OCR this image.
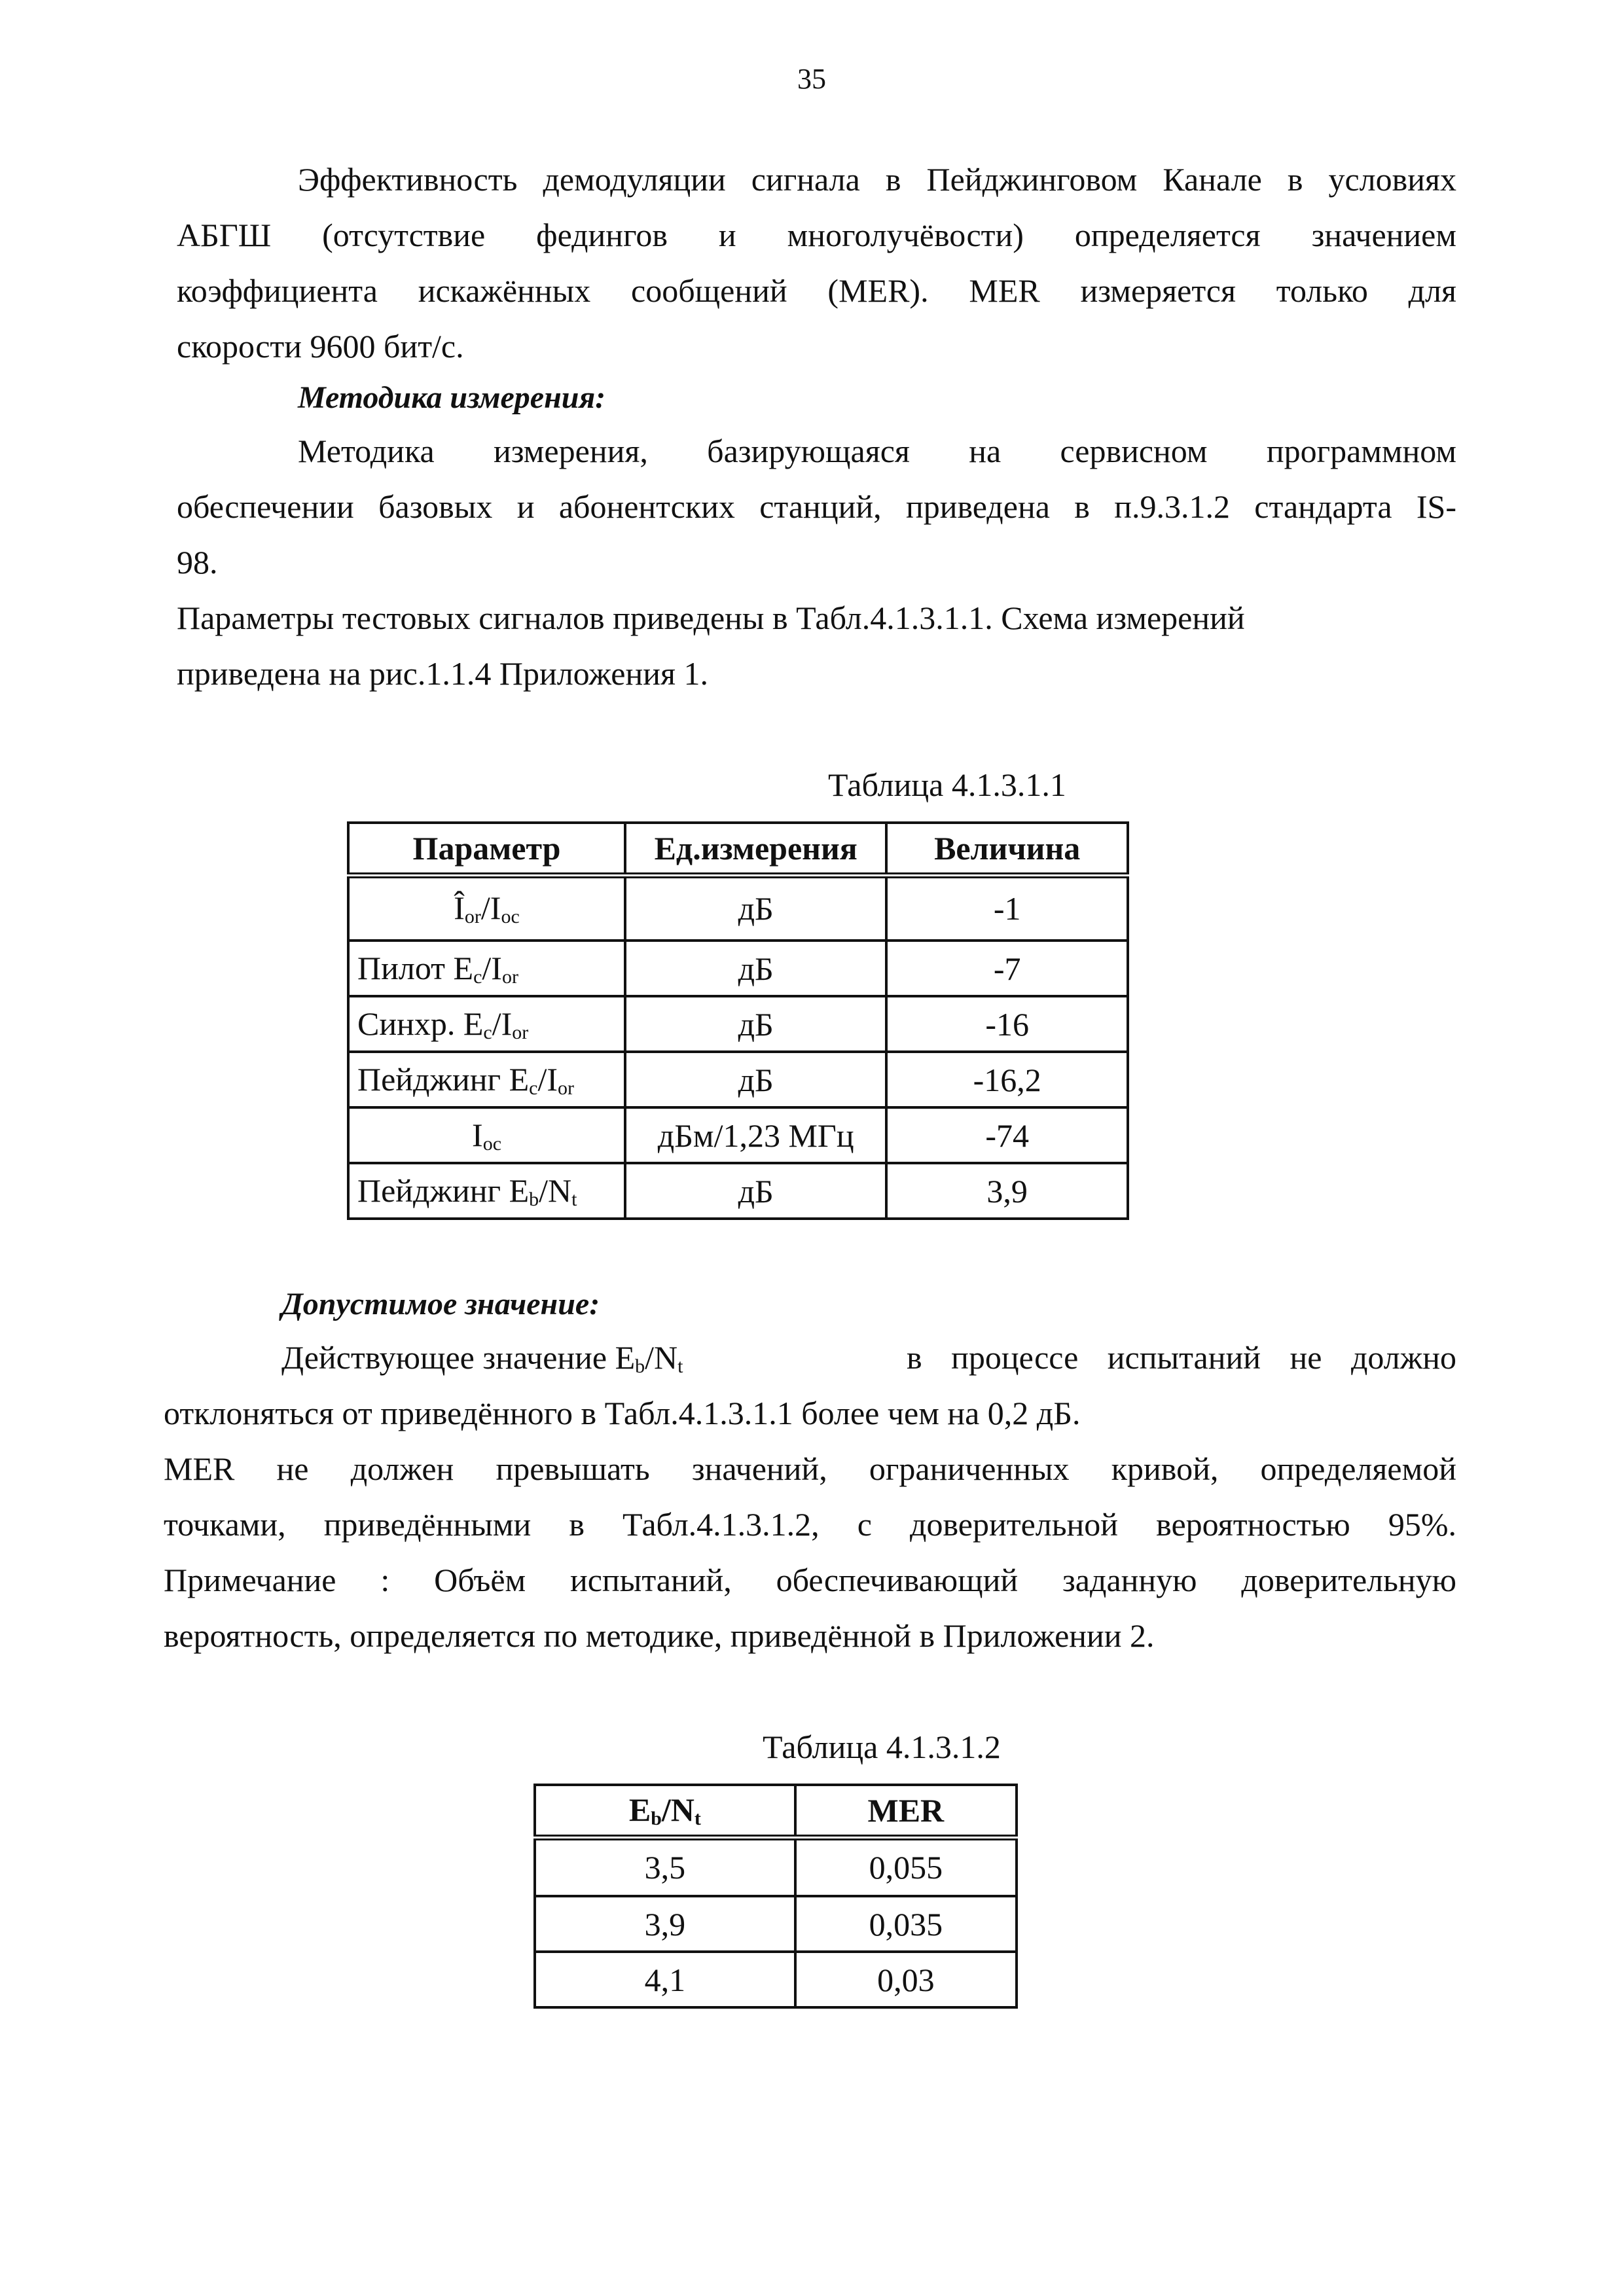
35
Эффективность демодуляции сигнала в Пейджинговом Канале в условиях
АБГШ (отсутствие федингов и многолучёвости) определяется значением
коэффициента искажённых сообщений (MER). MER измеряется только для
скорости 9600 бит/с.
Методика измерения:
Методика измерения, базирующаяся на сервисном программном
обеспечении базовых и абонентских станций, приведена в п.9.3.1.2 стандарта IS-
98.
Параметры тестовых сигналов приведены в Табл.4.1.3.1.1. Схема измерений
приведена на рис.1.1.4 Приложения 1.
Таблица 4.1.3.1.1
Параметр	Ед.измерения	Величина
$Î_{or}/I_{oc}$	дБ	-1
Пилот $E_c/I_{or}$	дБ	-7
Синхр. $E_c/I_{or}$	дБ	-16
Пейджинг $E_c/I_{or}$	дБ	-16,2
$I_{oc}$	дБм/1,23 МГц	-74
Пейджинг $E_b/N_t$	дБ	3,9
Допустимое значение:
Действующее значение $E_b/N_t$	в процессе испытаний не должно
отклоняться от приведённого в Табл.4.1.3.1.1 более чем на 0,2 дБ.
MER не должен превышать значений, ограниченных кривой, определяемой
точками, приведёнными в Табл.4.1.3.1.2, с доверительной вероятностью 95%.
Примечание : Объём испытаний, обеспечивающий заданную доверительную
вероятность, определяется по методике, приведённой в Приложении 2.
Таблица 4.1.3.1.2
$E_b/N_t$	MER
3,5	0,055
3,9	0,035
4,1	0,03
